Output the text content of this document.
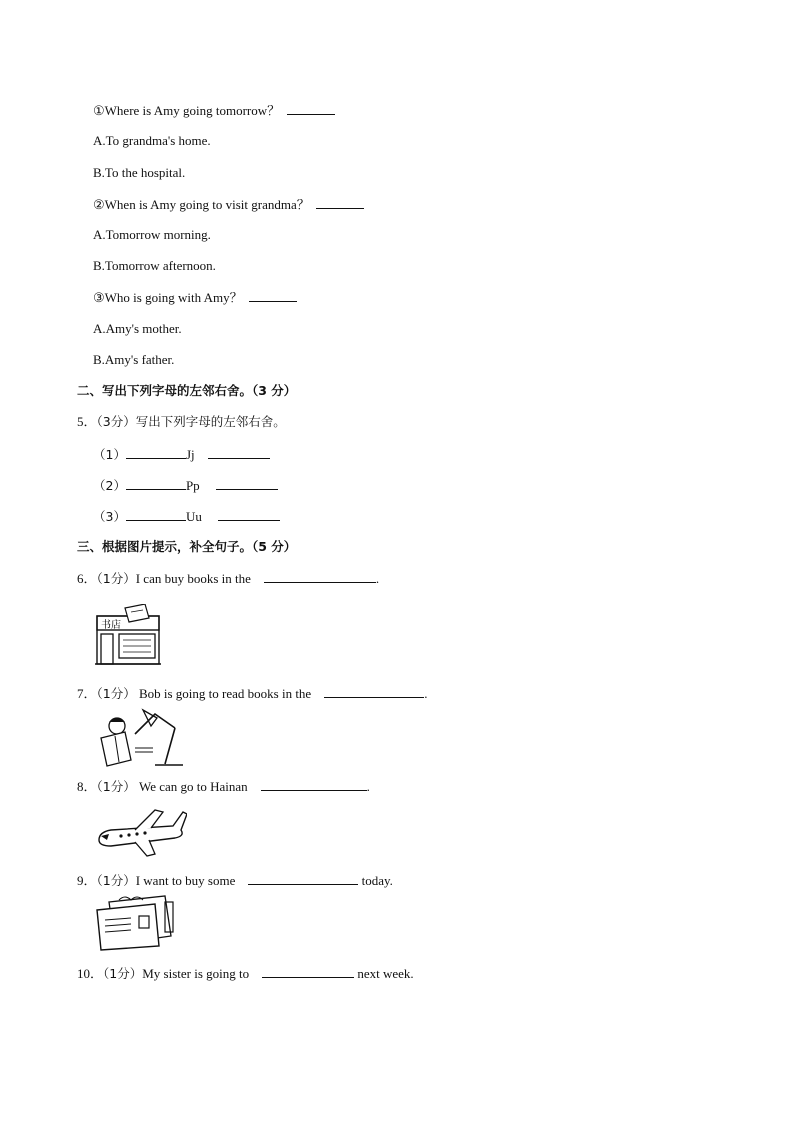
①Where is Amy going tomorrow？
A.To grandma's home.
B.To the hospital.
②When is Amy going to visit grandma？
A.Tomorrow morning.
B.Tomorrow afternoon.
③Who is going with Amy？
A.Amy's mother.
B.Amy's father.
二、写出下列字母的左邻右舍。（3 分）
5．（3分）写出下列字母的左邻右舍。
（1）	Jj
（2）	Pp
（3）	Uu
三、根据图片提示，补全句子。（5 分）
6．（1分）I can buy books in the	.
书店
7．（1分） Bob is going to read books in the	.
8．（1分） We can go to Hainan	.
9．（1分）I want to buy some	today.
10．（1分）My sister is going to	next week.
